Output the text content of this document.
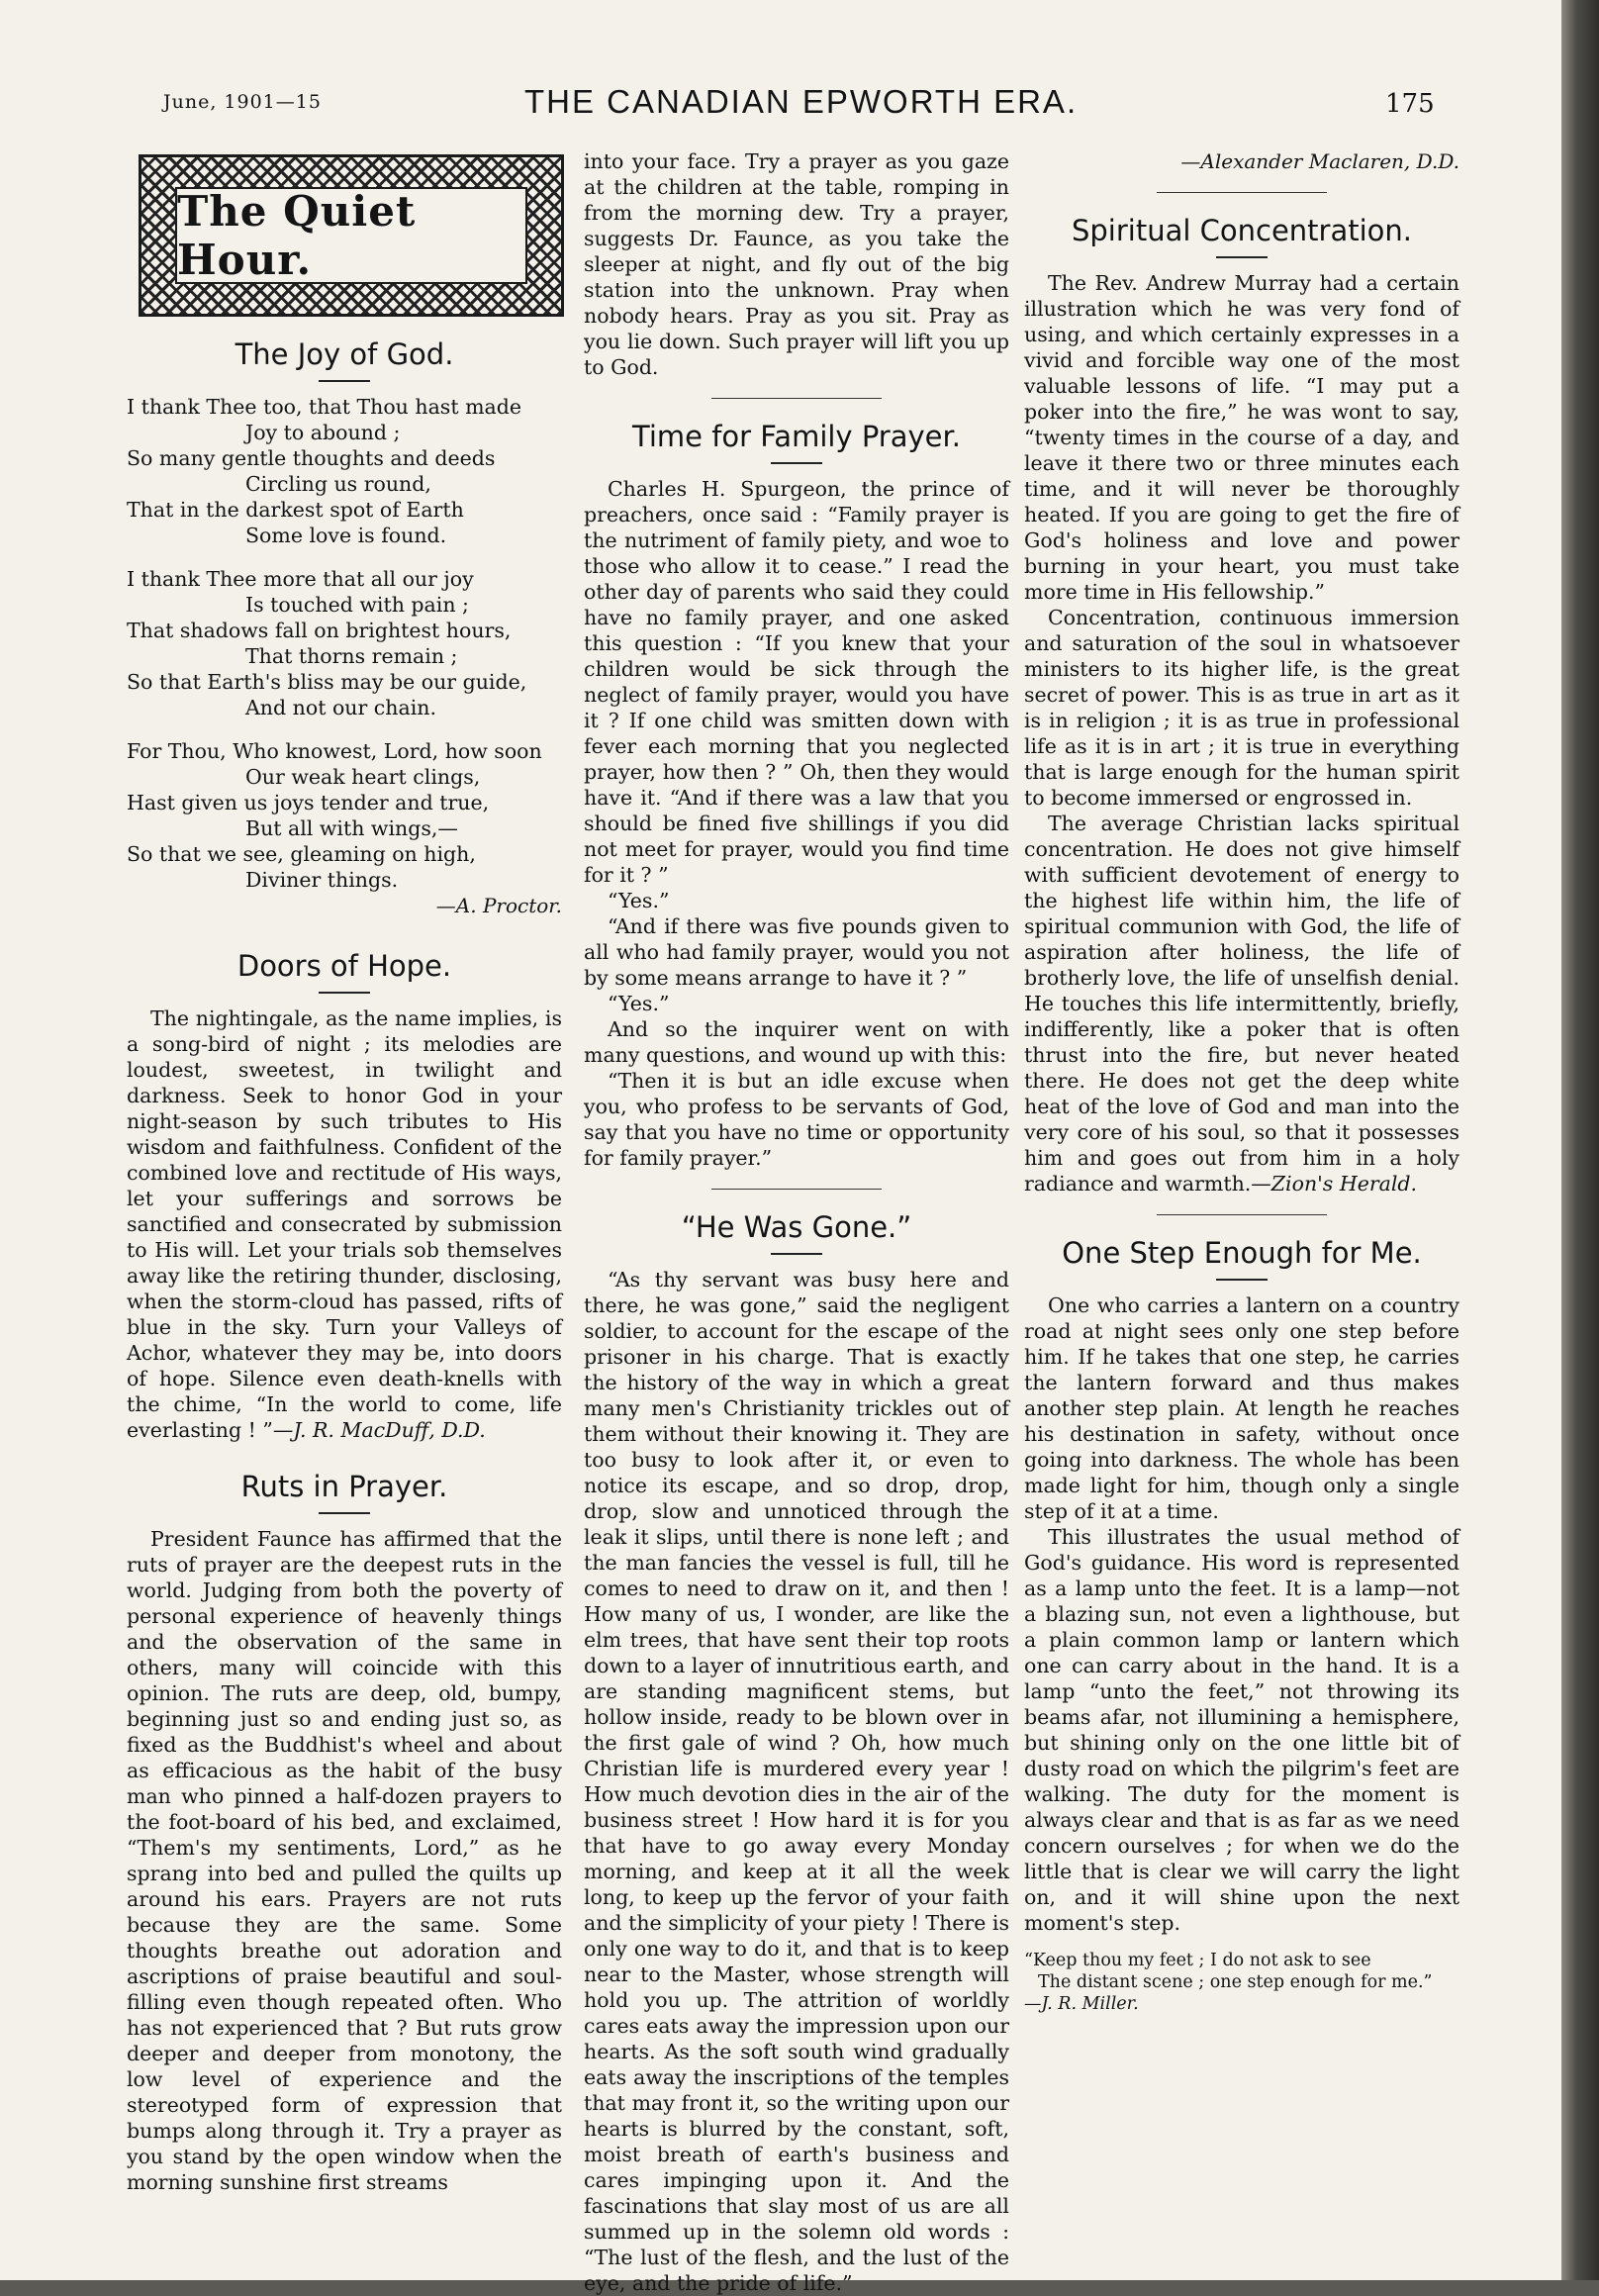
June, 1901—15	THE CANADIAN EPWORTH ERA.	175
The Quiet Hour.
The Joy of God.
I thank Thee too, that Thou hast made
Joy to abound ;
So many gentle thoughts and deeds
Circling us round,
That in the darkest spot of Earth
Some love is found.
I thank Thee more that all our joy
Is touched with pain ;
That shadows fall on brightest hours,
That thorns remain ;
So that Earth's bliss may be our guide,
And not our chain.
For Thou, Who knowest, Lord, how soon
Our weak heart clings,
Hast given us joys tender and true,
But all with wings,—
So that we see, gleaming on high,
Diviner things.
—A. Proctor.
Doors of Hope.

The nightingale, as the name implies, is a song-bird of night ; its melodies are loudest, sweetest, in twilight and darkness. Seek to honor God in your night-season by such tributes to His wisdom and faithfulness. Confident of the combined love and rectitude of His ways, let your sufferings and sorrows be sanctified and consecrated by submission to His will. Let your trials sob themselves away like the retiring thunder, disclosing, when the storm-cloud has passed, rifts of blue in the sky. Turn your Valleys of Achor, whatever they may be, into doors of hope. Silence even death-knells with the chime, “In the world to come, life everlasting ! ”—J. R. MacDuff, D.D.

Ruts in Prayer.

President Faunce has affirmed that the ruts of prayer are the deepest ruts in the world. Judging from both the poverty of personal experience of heavenly things and the observation of the same in others, many will coincide with this opinion. The ruts are deep, old, bumpy, beginning just so and ending just so, as fixed as the Buddhist's wheel and about as efficacious as the habit of the busy man who pinned a half-dozen prayers to the foot-board of his bed, and exclaimed, “Them's my sentiments, Lord,” as he sprang into bed and pulled the quilts up around his ears. Prayers are not ruts because they are the same. Some thoughts breathe out adoration and ascriptions of praise beautiful and soul-filling even though repeated often. Who has not experienced that ? But ruts grow deeper and deeper from monotony, the low level of experience and the stereotyped form of expression that bumps along through it. Try a prayer as you stand by the open window when the morning sunshine first streams

into your face. Try a prayer as you gaze at the children at the table, romping in from the morning dew. Try a prayer, suggests Dr. Faunce, as you take the sleeper at night, and fly out of the big station into the unknown. Pray when nobody hears. Pray as you sit. Pray as you lie down. Such prayer will lift you up to God.

Time for Family Prayer.

Charles H. Spurgeon, the prince of preachers, once said : “Family prayer is the nutriment of family piety, and woe to those who allow it to cease.” I read the other day of parents who said they could have no family prayer, and one asked this question : “If you knew that your children would be sick through the neglect of family prayer, would you have it ? If one child was smitten down with fever each morning that you neglected prayer, how then ? ” Oh, then they would have it. “And if there was a law that you should be fined five shillings if you did not meet for prayer, would you find time for it ? ”

“Yes.”

“And if there was five pounds given to all who had family prayer, would you not by some means arrange to have it ? ”

“Yes.”

And so the inquirer went on with many questions, and wound up with this:

“Then it is but an idle excuse when you, who profess to be servants of God, say that you have no time or opportunity for family prayer.”

“He Was Gone.”

“As thy servant was busy here and there, he was gone,” said the negligent soldier, to account for the escape of the prisoner in his charge. That is exactly the history of the way in which a great many men's Christianity trickles out of them without their knowing it. They are too busy to look after it, or even to notice its escape, and so drop, drop, drop, slow and unnoticed through the leak it slips, until there is none left ; and the man fancies the vessel is full, till he comes to need to draw on it, and then ! How many of us, I wonder, are like the elm trees, that have sent their top roots down to a layer of innutritious earth, and are standing magnificent stems, but hollow inside, ready to be blown over in the first gale of wind ? Oh, how much Christian life is murdered every year ! How much devotion dies in the air of the business street ! How hard it is for you that have to go away every Monday morning, and keep at it all the week long, to keep up the fervor of your faith and the simplicity of your piety ! There is only one way to do it, and that is to keep near to the Master, whose strength will hold you up. The attrition of worldly cares eats away the impression upon our hearts. As the soft south wind gradually eats away the inscriptions of the temples that may front it, so the writing upon our hearts is blurred by the constant, soft, moist breath of earth's business and cares impinging upon it. And the fascinations that slay most of us are all summed up in the solemn old words : “The lust of the flesh, and the lust of the eye, and the pride of life.”

—Alexander Maclaren, D.D.
Spiritual Concentration.

The Rev. Andrew Murray had a certain illustration which he was very fond of using, and which certainly expresses in a vivid and forcible way one of the most valuable lessons of life. “I may put a poker into the fire,” he was wont to say, “twenty times in the course of a day, and leave it there two or three minutes each time, and it will never be thoroughly heated. If you are going to get the fire of God's holiness and love and power burning in your heart, you must take more time in His fellowship.”

Concentration, continuous immersion and saturation of the soul in whatsoever ministers to its higher life, is the great secret of power. This is as true in art as it is in religion ; it is as true in professional life as it is in art ; it is true in everything that is large enough for the human spirit to become immersed or engrossed in.

The average Christian lacks spiritual concentration. He does not give himself with sufficient devotement of energy to the highest life within him, the life of spiritual communion with God, the life of aspiration after holiness, the life of brotherly love, the life of unselfish denial. He touches this life intermittently, briefly, indifferently, like a poker that is often thrust into the fire, but never heated there. He does not get the deep white heat of the love of God and man into the very core of his soul, so that it possesses him and goes out from him in a holy radiance and warmth.—Zion's Herald.

One Step Enough for Me.

One who carries a lantern on a country road at night sees only one step before him. If he takes that one step, he carries the lantern forward and thus makes another step plain. At length he reaches his destination in safety, without once going into darkness. The whole has been made light for him, though only a single step of it at a time.

This illustrates the usual method of God's guidance. His word is represented as a lamp unto the feet. It is a lamp—not a blazing sun, not even a lighthouse, but a plain common lamp or lantern which one can carry about in the hand. It is a lamp “unto the feet,” not throwing its beams afar, not illumining a hemisphere, but shining only on the one little bit of dusty road on which the pilgrim's feet are walking. The duty for the moment is always clear and that is as far as we need concern ourselves ; for when we do the little that is clear we will carry the light on, and it will shine upon the next moment's step.

“Keep thou my feet ; I do not ask to see
The distant scene ; one step enough for me.”
—J. R. Miller.
